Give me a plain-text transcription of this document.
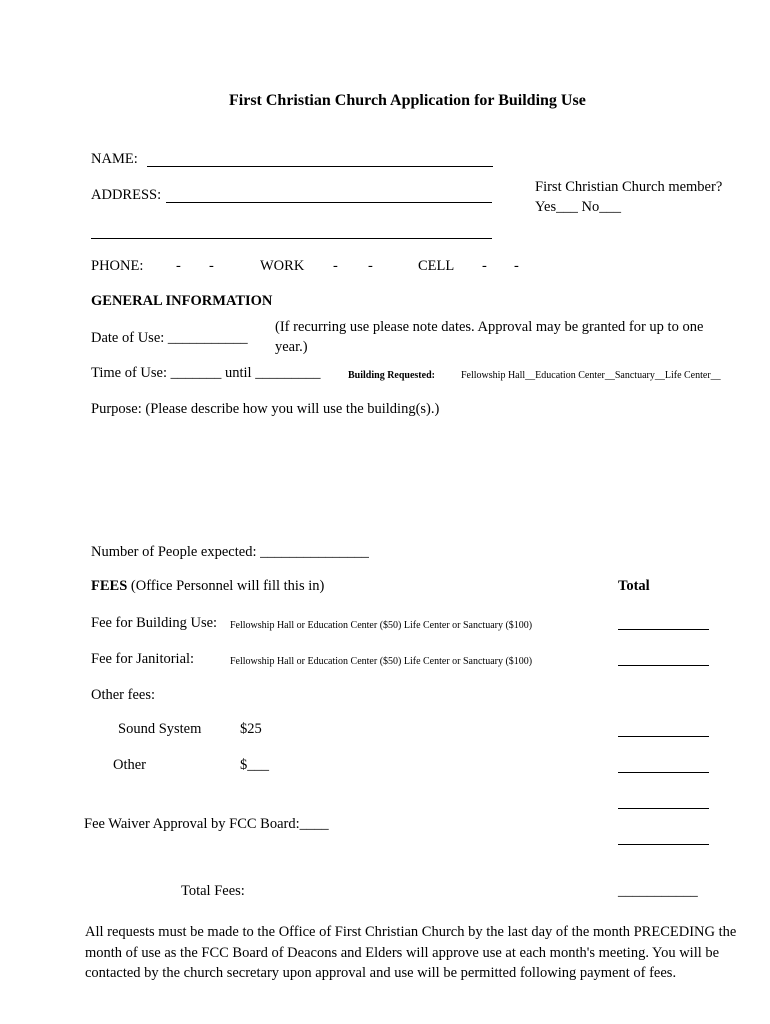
First Christian Church Application for Building Use
NAME:
ADDRESS:	First Christian Church member?
Yes___ No___
PHONE: - -	WORK - -	CELL - -
GENERAL INFORMATION
Date of Use: ___________
(If recurring use please note dates. Approval may be granted for up to one year.)
Time of Use: _______ until _________	Building Requested:	Fellowship Hall__Education Center__Sanctuary__Life Center__
Purpose: (Please describe how you will use the building(s).)
Number of People expected: _______________
FEES (Office Personnel will fill this in)	Total
Fee for Building Use: Fellowship Hall or Education Center ($50) Life Center or Sanctuary ($100)
Fee for Janitorial:	Fellowship Hall or Education Center ($50) Life Center or Sanctuary ($100)
Other fees:
Sound System	$25
Other	$___
Fee Waiver Approval by FCC Board:____
Total Fees:	___________
All requests must be made to the Office of First Christian Church by the last day of the month PRECEDING the month of use as the FCC Board of Deacons and Elders will approve use at each month's meeting. You will be contacted by the church secretary upon approval and use will be permitted following payment of fees.
